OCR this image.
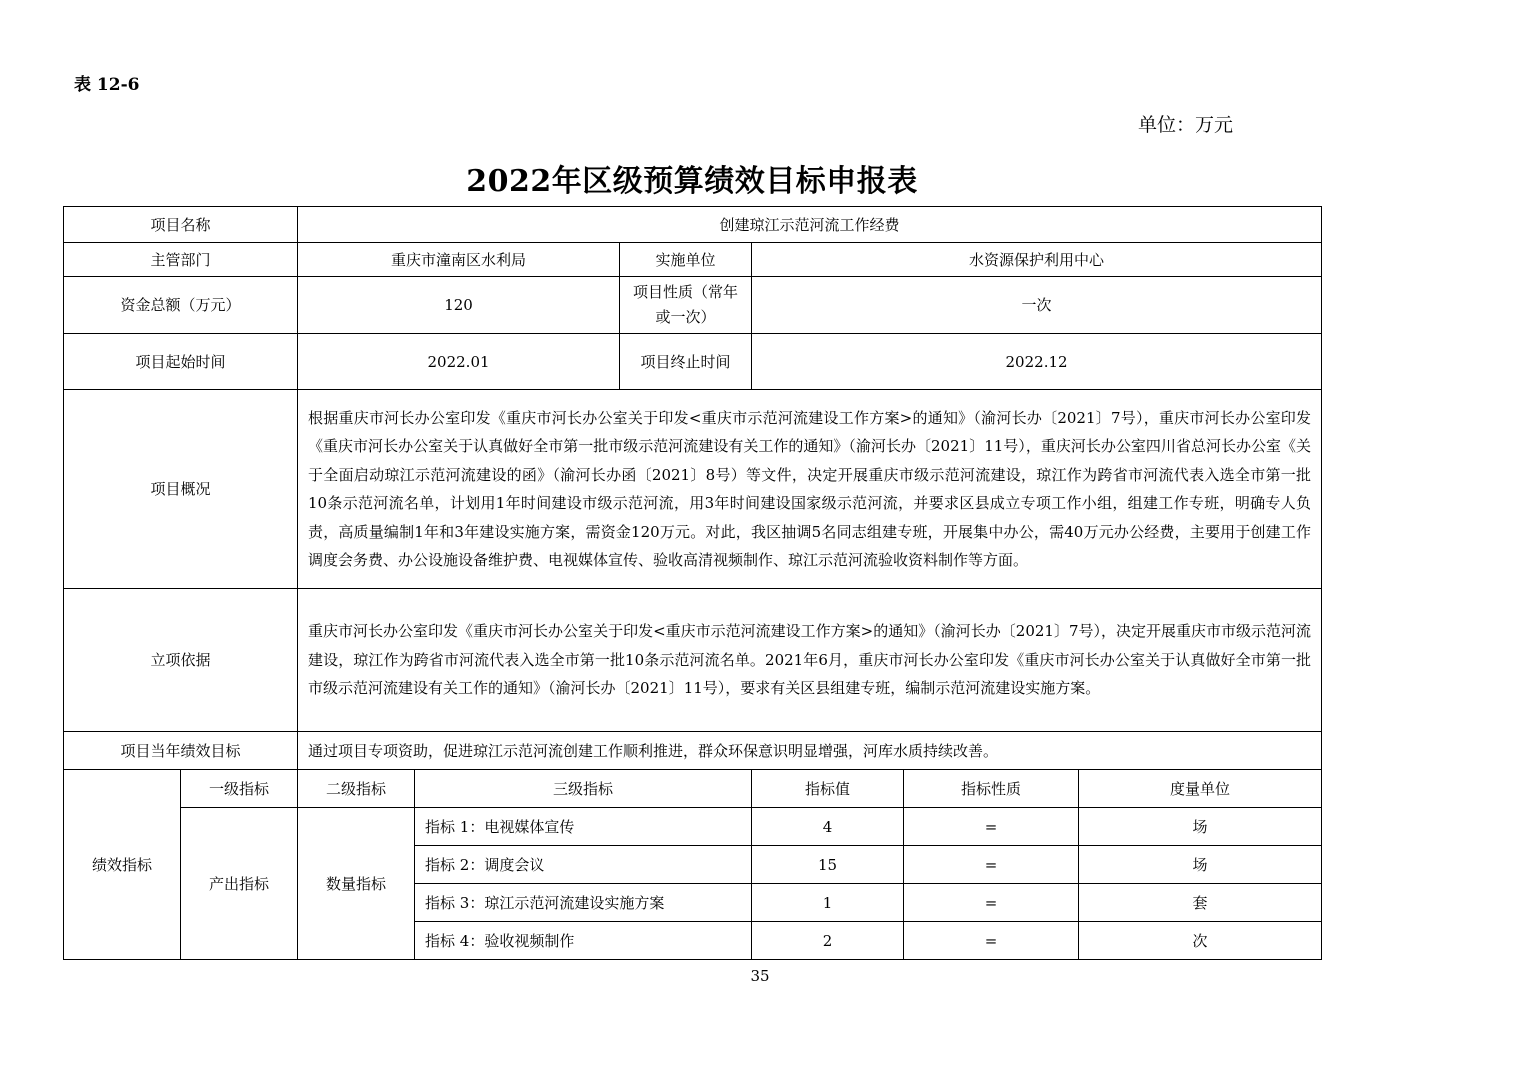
表 12-6
单位：万元
2022年区级预算绩效目标申报表
项目名称		创建琼江示范河流工作经费					
主管部门		重庆市潼南区水利局		实施单位	水资源保护利用中心		
资金总额（万元）		120		项目性质（常年或一次）	一次		
项目起始时间		2022.01		项目终止时间	2022.12		
项目概况		根据重庆市河长办公室印发《重庆市河长办公室关于印发<重庆市示范河流建设工作方案>的通知》（渝河长办〔2021〕7号），重庆市河长办公室印发《重庆市河长办公室关于认真做好全市第一批市级示范河流建设有关工作的通知》（渝河长办〔2021〕11号），重庆河长办公室四川省总河长办公室《关于全面启动琼江示范河流建设的函》（渝河长办函〔2021〕8号）等文件，决定开展重庆市级示范河流建设，琼江作为跨省市河流代表入选全市第一批10条示范河流名单，计划用1年时间建设市级示范河流，用3年时间建设国家级示范河流，并要求区县成立专项工作小组，组建工作专班，明确专人负责，高质量编制1年和3年建设实施方案，需资金120万元。对此，我区抽调5名同志组建专班，开展集中办公，需40万元办公经费，主要用于创建工作调度会务费、办公设施设备维护费、电视媒体宣传、验收高清视频制作、琼江示范河流验收资料制作等方面。					
立项依据		重庆市河长办公室印发《重庆市河长办公室关于印发<重庆市示范河流建设工作方案>的通知》（渝河长办〔2021〕7号），决定开展重庆市市级示范河流建设，琼江作为跨省市河流代表入选全市第一批10条示范河流名单。2021年6月，重庆市河长办公室印发《重庆市河长办公室关于认真做好全市第一批市级示范河流建设有关工作的通知》（渝河长办〔2021〕11号），要求有关区县组建专班，编制示范河流建设实施方案。					
项目当年绩效目标		通过项目专项资助，促进琼江示范河流创建工作顺利推进，群众环保意识明显增强，河库水质持续改善。					
绩效指标	一级指标	二级指标	三级指标		指标值	指标性质	度量单位
	产出指标	数量指标	指标 1：电视媒体宣传		4	=	场
			指标 2：调度会议		15	=	场
			指标 3：琼江示范河流建设实施方案		1	=	套
			指标 4：验收视频制作		2	=	次
35
